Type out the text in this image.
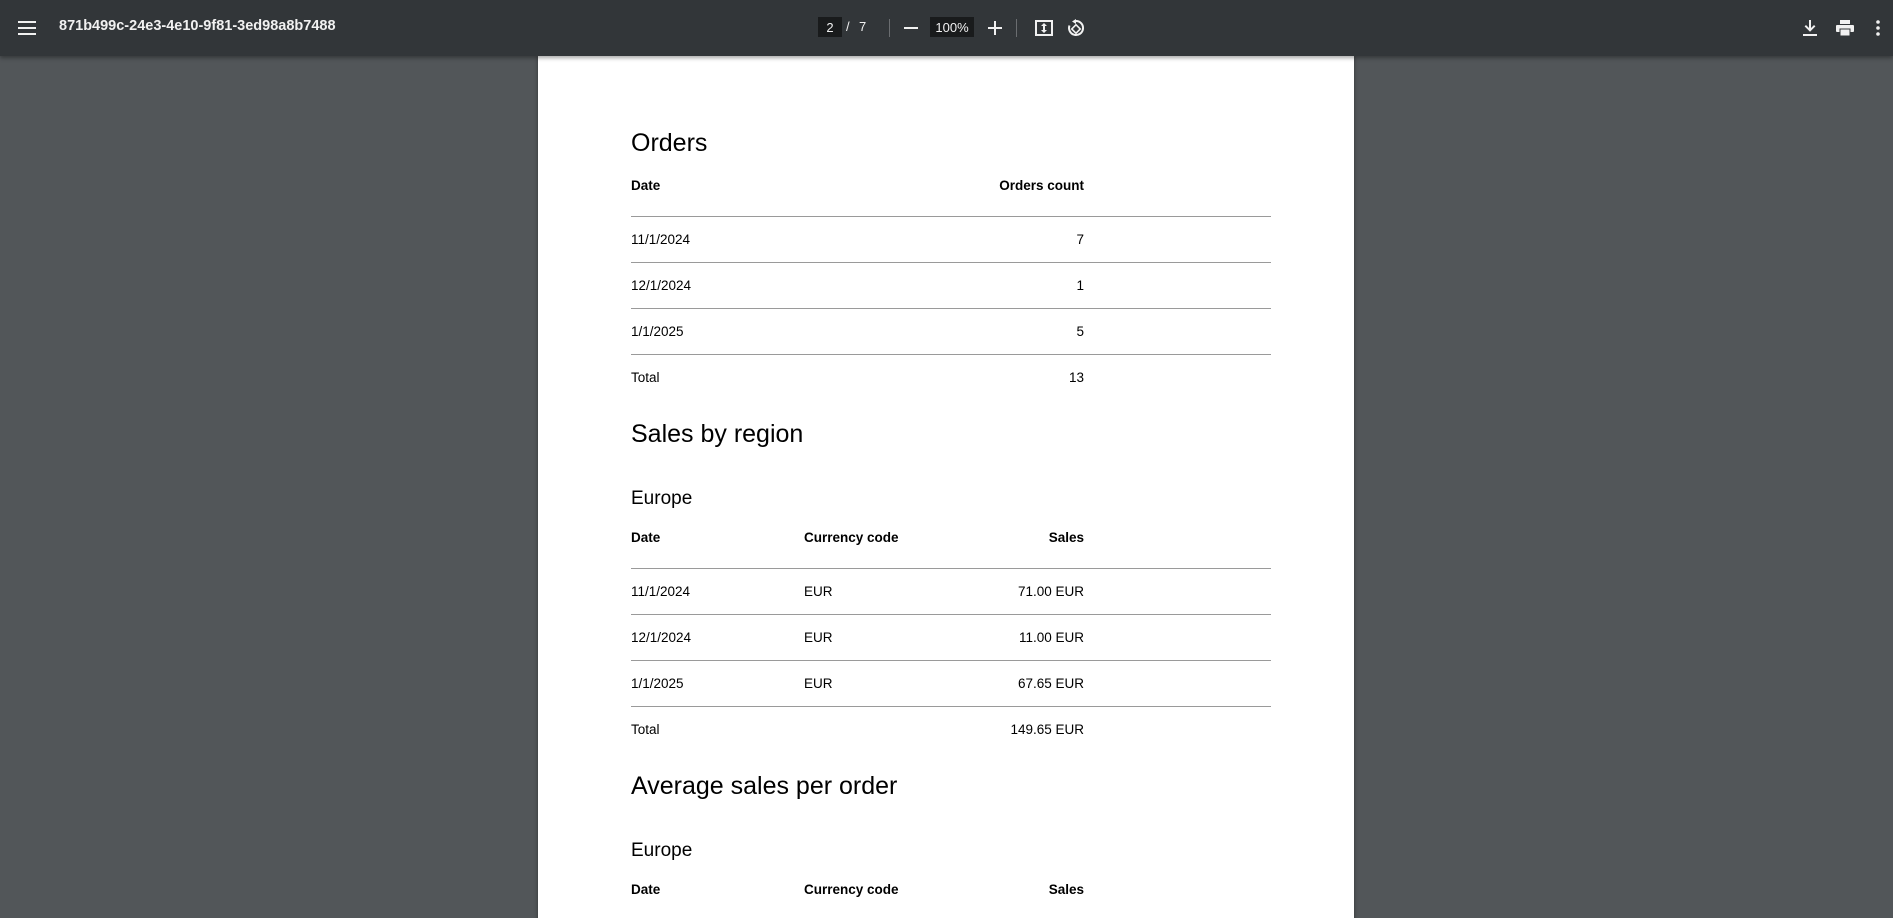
871b499c-24e3-4e10-9f81-3ed98a8b7488
2	/ 7
100%
Orders
Date	Orders count	
11/1/2024	7	
12/1/2024	1	
1/1/2025	5	
Total	13	
Sales by region
Europe
Date	Currency code	Sales	
11/1/2024	EUR	71.00 EUR	
12/1/2024	EUR	11.00 EUR	
1/1/2025	EUR	67.65 EUR	
Total		149.65 EUR	
Average sales per order
Europe
Date	Currency code	Sales	
